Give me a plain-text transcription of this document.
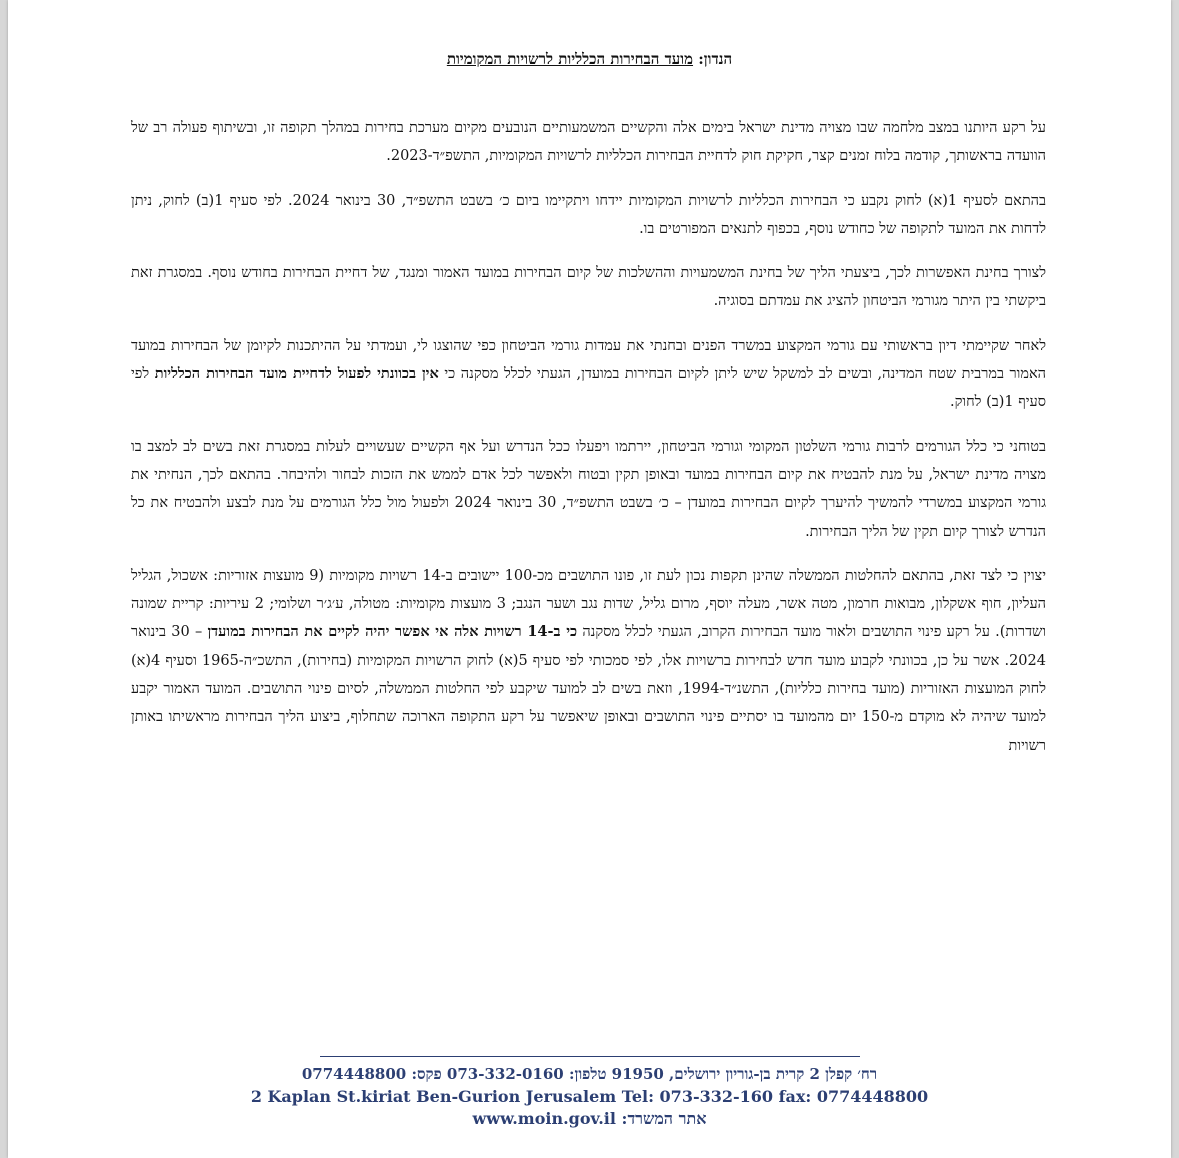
הנדון: מועד הבחירות הכלליות לרשויות המקומיות

על רקע היותנו במצב מלחמה שבו מצויה מדינת ישראל בימים אלה והקשיים המשמעותיים הנובעים מקיום מערכת בחירות במהלך תקופה זו, ובשיתוף פעולה רב של הוועדה בראשותך, קודמה בלוח זמנים קצר, חקיקת חוק לדחיית הבחירות הכלליות לרשויות המקומיות, התשפ״ד-2023.

בהתאם לסעיף 1(א) לחוק נקבע כי הבחירות הכלליות לרשויות המקומיות יידחו ויתקיימו ביום כ׳ בשבט התשפ״ד, 30 בינואר 2024. לפי סעיף 1(ב) לחוק, ניתן לדחות את המועד לתקופה של כחודש נוסף, בכפוף לתנאים המפורטים בו.

לצורך בחינת האפשרות לכך, ביצעתי הליך של בחינת המשמעויות וההשלכות של קיום הבחירות במועד האמור ומנגד, של דחיית הבחירות בחודש נוסף. במסגרת זאת ביקשתי בין היתר מגורמי הביטחון להציג את עמדתם בסוגיה.

לאחר שקיימתי דיון בראשותי עם גורמי המקצוע במשרד הפנים ובחנתי את עמדות גורמי הביטחון כפי שהוצגו לי, ועמדתי על ההיתכנות לקיומן של הבחירות במועד האמור במרבית שטח המדינה, ובשים לב למשקל שיש ליתן לקיום הבחירות במועדן, הגעתי לכלל מסקנה כי אין בכוונתי לפעול לדחיית מועד הבחירות הכלליות לפי סעיף 1(ב) לחוק.

בטוחני כי כלל הגורמים לרבות גורמי השלטון המקומי וגורמי הביטחון, יירתמו ויפעלו ככל הנדרש ועל אף הקשיים שעשויים לעלות במסגרת זאת בשים לב למצב בו מצויה מדינת ישראל, על מנת להבטיח את קיום הבחירות במועד ובאופן תקין ובטוח ולאפשר לכל אדם לממש את הזכות לבחור ולהיבחר. בהתאם לכך, הנחיתי את גורמי המקצוע במשרדי להמשיך להיערך לקיום הבחירות במועדן – כ׳ בשבט התשפ״ד, 30 בינואר 2024 ולפעול מול כלל הגורמים על מנת לבצע ולהבטיח את כל הנדרש לצורך קיום תקין של הליך הבחירות.

יצוין כי לצד זאת, בהתאם להחלטות הממשלה שהינן תקפות נכון לעת זו, פונו התושבים מכ-100 יישובים ב-14 רשויות מקומיות (9 מועצות אזוריות: אשכול, הגליל העליון, חוף אשקלון, מבואות חרמון, מטה אשר, מעלה יוסף, מרום גליל, שדות נגב ושער הנגב; 3 מועצות מקומיות: מטולה, ע׳ג׳ר ושלומי; 2 עיריות: קריית שמונה ושדרות). על רקע פינוי התושבים ולאור מועד הבחירות הקרוב, הגעתי לכלל מסקנה כי ב-14 רשויות אלה אי אפשר יהיה לקיים את הבחירות במועדן – 30 בינואר 2024. אשר על כן, בכוונתי לקבוע מועד חדש לבחירות ברשויות אלו, לפי סמכותי לפי סעיף 5(א) לחוק הרשויות המקומיות (בחירות), התשכ״ה-1965 וסעיף 4(א) לחוק המועצות האזוריות (מועד בחירות כלליות), התשנ״ד-1994, וזאת בשים לב למועד שיקבע לפי החלטות הממשלה, לסיום פינוי התושבים. המועד האמור יקבע למועד שיהיה לא מוקדם מ-150 יום מהמועד בו יסתיים פינוי התושבים ובאופן שיאפשר על רקע התקופה הארוכה שתחלוף, ביצוע הליך הבחירות מראשיתו באותן רשויות

רח׳ קפלן 2 קרית בן-גוריון ירושלים, 91950 טלפון: 073-332-0160 פקס: 0774448800
2 Kaplan St.kiriat Ben-Gurion Jerusalem Tel: 073-332-160 fax: 0774448800
אתר המשרד: www.moin.gov.il
